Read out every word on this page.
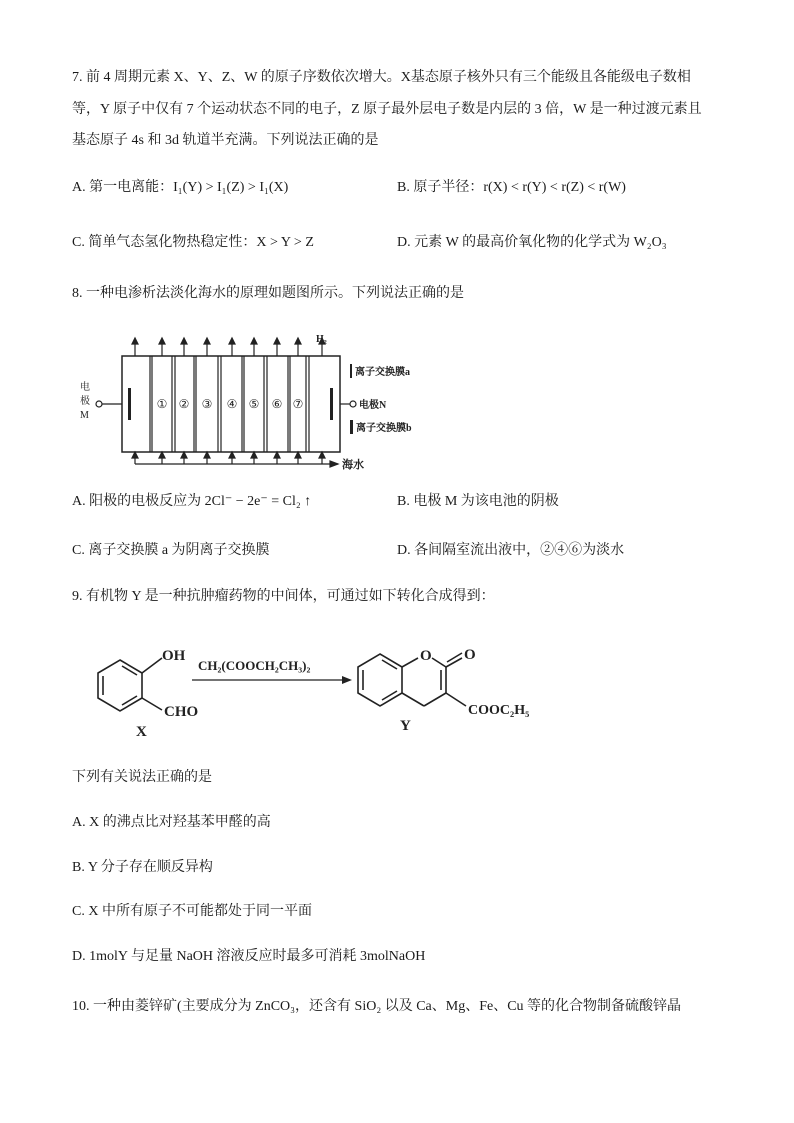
7. 前 4 周期元素 X、Y、Z、W 的原子序数依次增大。X基态原子核外只有三个能级且各能级电子数相
等，Y 原子中仅有 7 个运动状态不同的电子，Z 原子最外层电子数是内层的 3 倍，W 是一种过渡元素且
基态原子 4s 和 3d 轨道半充满。下列说法正确的是
A. 第一电离能：I₁(Y) > I₁(Z) > I₁(X)	B. 原子半径：r(X) < r(Y) < r(Z) < r(W)
C. 简单气态氢化物热稳定性：X > Y > Z	D. 元素 W 的最高价氧化物的化学式为 W₂O₃
8. 一种电渗析法淡化海水的原理如题图所示。下列说法正确的是
① ② ③ ④ ⑤ ⑥ ⑦
H₂
电
极
M
电极N
离子交换膜a
离子交换膜b
海水
A. 阳极的电极反应为 2Cl⁻ − 2e⁻ = Cl₂ ↑	B. 电极 M 为该电池的阴极
C. 离子交换膜 a 为阴离子交换膜	D. 各间隔室流出液中，②④⑥为淡水
9. 有机物 Y 是一种抗肿瘤药物的中间体，可通过如下转化合成得到：
OH
CHO
X
CH₂(COOCH₂CH₃)₂
O O
COOC₂H₅
Y
下列有关说法正确的是
A. X 的沸点比对羟基苯甲醛的高
B. Y 分子存在顺反异构
C. X 中所有原子不可能都处于同一平面
D. 1molY 与足量 NaOH 溶液反应时最多可消耗 3molNaOH
10. 一种由菱锌矿(主要成分为 ZnCO₃，还含有 SiO₂ 以及 Ca、Mg、Fe、Cu 等的化合物制备硫酸锌晶
